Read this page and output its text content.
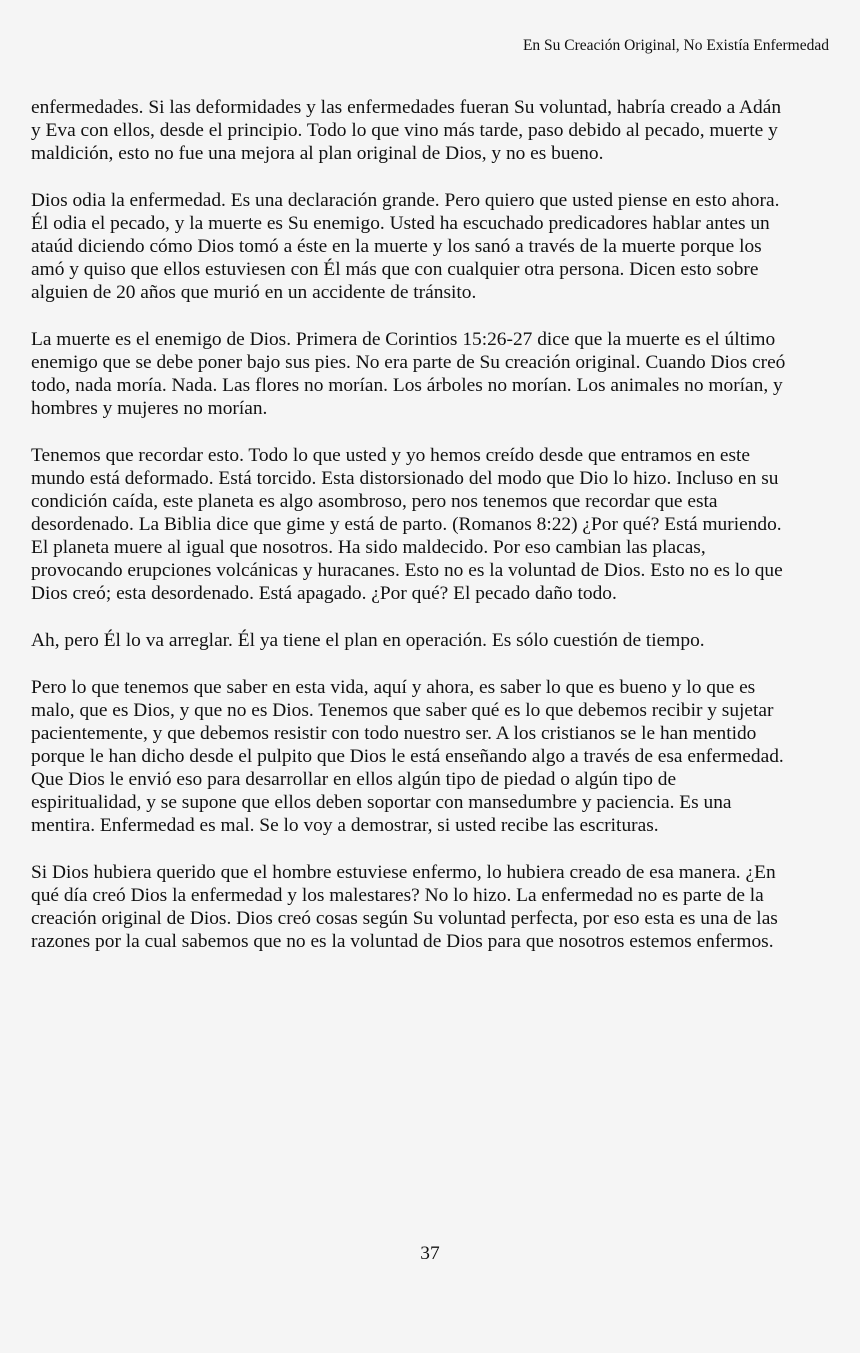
En Su Creación Original, No Existía Enfermedad

enfermedades. Si las deformidades y las enfermedades fueran Su voluntad, habría creado a Adán
y Eva con ellos, desde el principio. Todo lo que vino más tarde, paso debido al pecado, muerte y
maldición, esto no fue una mejora al plan original de Dios, y no es bueno.

Dios odia la enfermedad. Es una declaración grande. Pero quiero que usted piense en esto ahora.
Él odia el pecado, y la muerte es Su enemigo. Usted ha escuchado predicadores hablar antes un
ataúd diciendo cómo Dios tomó a éste en la muerte y los sanó a través de la muerte porque los
amó y quiso que ellos estuviesen con Él más que con cualquier otra persona. Dicen esto sobre
alguien de 20 años que murió en un accidente de tránsito.

La muerte es el enemigo de Dios. Primera de Corintios 15:26-27 dice que la muerte es el último
enemigo que se debe poner bajo sus pies. No era parte de Su creación original. Cuando Dios creó
todo, nada moría. Nada. Las flores no morían. Los árboles no morían. Los animales no morían, y
hombres y mujeres no morían.

Tenemos que recordar esto. Todo lo que usted y yo hemos creído desde que entramos en este
mundo está deformado. Está torcido. Esta distorsionado del modo que Dio lo hizo. Incluso en su
condición caída, este planeta es algo asombroso, pero nos tenemos que recordar que esta
desordenado. La Biblia dice que gime y está de parto. (Romanos 8:22) ¿Por qué? Está muriendo.
El planeta muere al igual que nosotros. Ha sido maldecido. Por eso cambian las placas,
provocando erupciones volcánicas y huracanes. Esto no es la voluntad de Dios. Esto no es lo que
Dios creó; esta desordenado. Está apagado. ¿Por qué? El pecado daño todo.

Ah, pero Él lo va arreglar. Él ya tiene el plan en operación. Es sólo cuestión de tiempo.

Pero lo que tenemos que saber en esta vida, aquí y ahora, es saber lo que es bueno y lo que es
malo, que es Dios, y que no es Dios. Tenemos que saber qué es lo que debemos recibir y sujetar
pacientemente, y que debemos resistir con todo nuestro ser. A los cristianos se le han mentido
porque le han dicho desde el pulpito que Dios le está enseñando algo a través de esa enfermedad.
Que Dios le envió eso para desarrollar en ellos algún tipo de piedad o algún tipo de
espiritualidad, y se supone que ellos deben soportar con mansedumbre y paciencia. Es una
mentira. Enfermedad es mal. Se lo voy a demostrar, si usted recibe las escrituras.

Si Dios hubiera querido que el hombre estuviese enfermo, lo hubiera creado de esa manera. ¿En
qué día creó Dios la enfermedad y los malestares? No lo hizo. La enfermedad no es parte de la
creación original de Dios. Dios creó cosas según Su voluntad perfecta, por eso esta es una de las
razones por la cual sabemos que no es la voluntad de Dios para que nosotros estemos enfermos.

37
